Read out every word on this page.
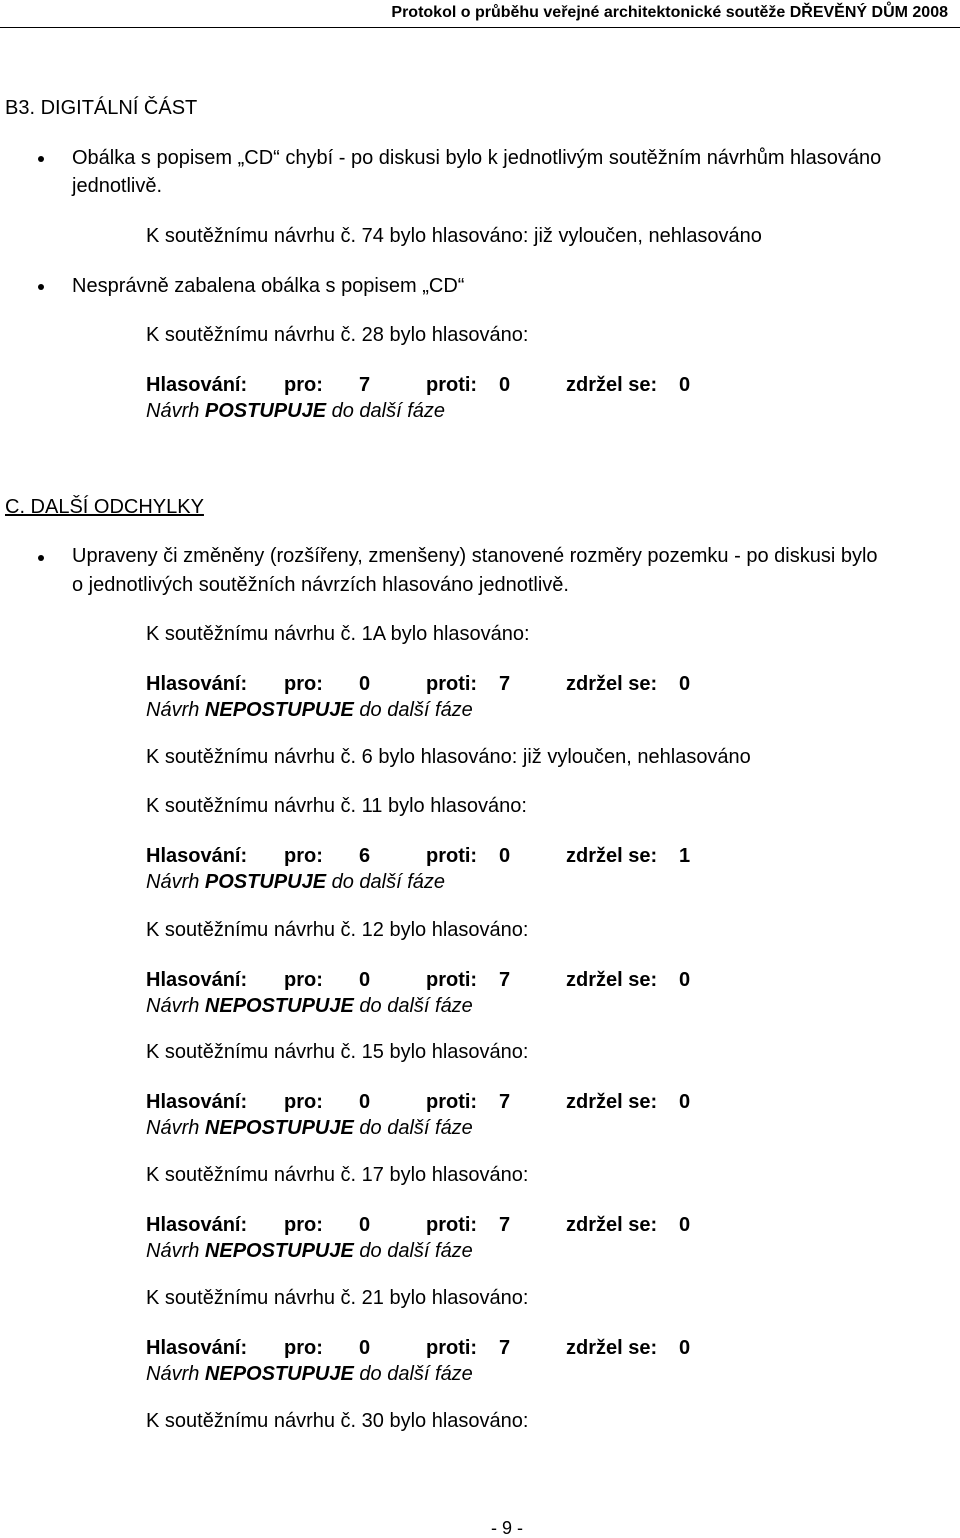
Protokol o průběhu veřejné architektonické soutěže DŘEVĚNÝ DŮM 2008
B3. DIGITÁLNÍ ČÁST
Obálka s popisem „CD“ chybí - po diskusi bylo k jednotlivým soutěžním návrhům hlasováno
jednotlivě.
K soutěžnímu návrhu č. 74 bylo hlasováno: již vyloučen, nehlasováno
Nesprávně zabalena obálka s popisem „CD“
K soutěžnímu návrhu č. 28 bylo hlasováno:
Hlasování: pro: 7	proti: 0	zdržel se: 0
Návrh POSTUPUJE do další fáze
C. DALŠÍ ODCHYLKY
Upraveny či změněny (rozšířeny, zmenšeny) stanovené rozměry pozemku - po diskusi bylo
o jednotlivých soutěžních návrzích hlasováno jednotlivě.
K soutěžnímu návrhu č. 1A bylo hlasováno:
Hlasování: pro: 0	proti: 7	zdržel se: 0
Návrh NEPOSTUPUJE do další fáze
K soutěžnímu návrhu č. 6 bylo hlasováno: již vyloučen, nehlasováno
K soutěžnímu návrhu č. 11 bylo hlasováno:
Hlasování: pro: 6	proti: 0	zdržel se: 1
Návrh POSTUPUJE do další fáze
K soutěžnímu návrhu č. 12 bylo hlasováno:
Hlasování: pro: 0	proti: 7	zdržel se: 0
Návrh NEPOSTUPUJE do další fáze
K soutěžnímu návrhu č. 15 bylo hlasováno:
Hlasování: pro: 0	proti: 7	zdržel se: 0
Návrh NEPOSTUPUJE do další fáze
K soutěžnímu návrhu č. 17 bylo hlasováno:
Hlasování: pro: 0	proti: 7	zdržel se: 0
Návrh NEPOSTUPUJE do další fáze
K soutěžnímu návrhu č. 21 bylo hlasováno:
Hlasování: pro: 0	proti: 7	zdržel se: 0
Návrh NEPOSTUPUJE do další fáze
K soutěžnímu návrhu č. 30 bylo hlasováno:
- 9 -
